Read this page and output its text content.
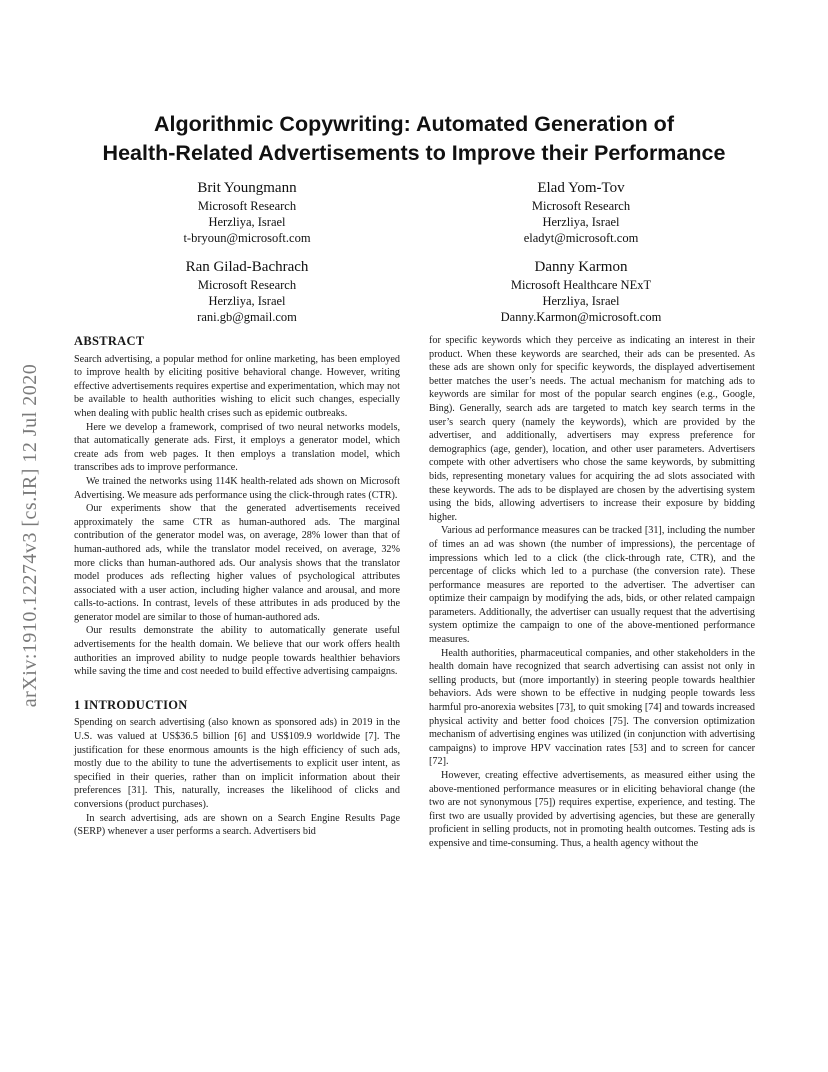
arXiv:1910.12274v3 [cs.IR] 12 Jul 2020
Algorithmic Copywriting: Automated Generation of
Health-Related Advertisements to Improve their Performance
Brit Youngmann
Microsoft Research
Herzliya, Israel
t-bryoun@microsoft.com
Elad Yom-Tov
Microsoft Research
Herzliya, Israel
eladyt@microsoft.com
Ran Gilad-Bachrach
Microsoft Research
Herzliya, Israel
rani.gb@gmail.com
Danny Karmon
Microsoft Healthcare NExT
Herzliya, Israel
Danny.Karmon@microsoft.com
ABSTRACT

Search advertising, a popular method for online marketing, has been employed to improve health by eliciting positive behavioral change. However, writing effective advertisements requires expertise and experimentation, which may not be available to health authorities wishing to elicit such changes, especially when dealing with public health crises such as epidemic outbreaks.

Here we develop a framework, comprised of two neural networks models, that automatically generate ads. First, it employs a generator model, which create ads from web pages. It then employs a translation model, which transcribes ads to improve performance.

We trained the networks using 114K health-related ads shown on Microsoft Advertising. We measure ads performance using the click-through rates (CTR).

Our experiments show that the generated advertisements received approximately the same CTR as human-authored ads. The marginal contribution of the generator model was, on average, 28% lower than that of human-authored ads, while the translator model received, on average, 32% more clicks than human-authored ads. Our analysis shows that the translator model produces ads reflecting higher values of psychological attributes associated with a user action, including higher valance and arousal, and more calls-to-actions. In contrast, levels of these attributes in ads produced by the generator model are similar to those of human-authored ads.

Our results demonstrate the ability to automatically generate useful advertisements for the health domain. We believe that our work offers health authorities an improved ability to nudge people towards healthier behaviors while saving the time and cost needed to build effective advertising campaigns.

1 INTRODUCTION

Spending on search advertising (also known as sponsored ads) in 2019 in the U.S. was valued at US$36.5 billion [6] and US$109.9 worldwide [7]. The justification for these enormous amounts is the high efficiency of such ads, mostly due to the ability to tune the advertisements to explicit user intent, as specified in their queries, rather than on implicit information about their preferences [31]. This, naturally, increases the likelihood of clicks and conversions (product purchases).

In search advertising, ads are shown on a Search Engine Results Page (SERP) whenever a user performs a search. Advertisers bid

for specific keywords which they perceive as indicating an interest in their product. When these keywords are searched, their ads can be presented. As these ads are shown only for specific keywords, the displayed advertisement better matches the user’s needs. The actual mechanism for matching ads to keywords are similar for most of the popular search engines (e.g., Google, Bing). Generally, search ads are targeted to match key search terms in the user’s search query (namely the keywords), which are provided by the advertiser, and additionally, advertisers may express preference for demographics (age, gender), location, and other user parameters. Advertisers compete with other advertisers who chose the same keywords, by submitting bids, representing monetary values for acquiring the ad slots associated with these keywords. The ads to be displayed are chosen by the advertising system using the bids, allowing advertisers to increase their exposure by bidding higher.

Various ad performance measures can be tracked [31], including the number of times an ad was shown (the number of impressions), the percentage of impressions which led to a click (the click-through rate, CTR), and the percentage of clicks which led to a purchase (the conversion rate). These performance measures are reported to the advertiser. The advertiser can optimize their campaign by modifying the ads, bids, or other related campaign parameters. Additionally, the advertiser can usually request that the advertising system optimize the campaign to one of the above-mentioned performance measures.

Health authorities, pharmaceutical companies, and other stakeholders in the health domain have recognized that search advertising can assist not only in selling products, but (more importantly) in steering people towards healthier behaviors. Ads were shown to be effective in nudging people towards less harmful pro-anorexia websites [73], to quit smoking [74] and towards increased physical activity and better food choices [75]. The conversion optimization mechanism of advertising engines was utilized (in conjunction with advertising campaigns) to improve HPV vaccination rates [53] and to screen for cancer [72].

However, creating effective advertisements, as measured either using the above-mentioned performance measures or in eliciting behavioral change (the two are not synonymous [75]) requires expertise, experience, and testing. The first two are usually provided by advertising agencies, but these are generally proficient in selling products, not in promoting health outcomes. Testing ads is expensive and time-consuming. Thus, a health agency without the
